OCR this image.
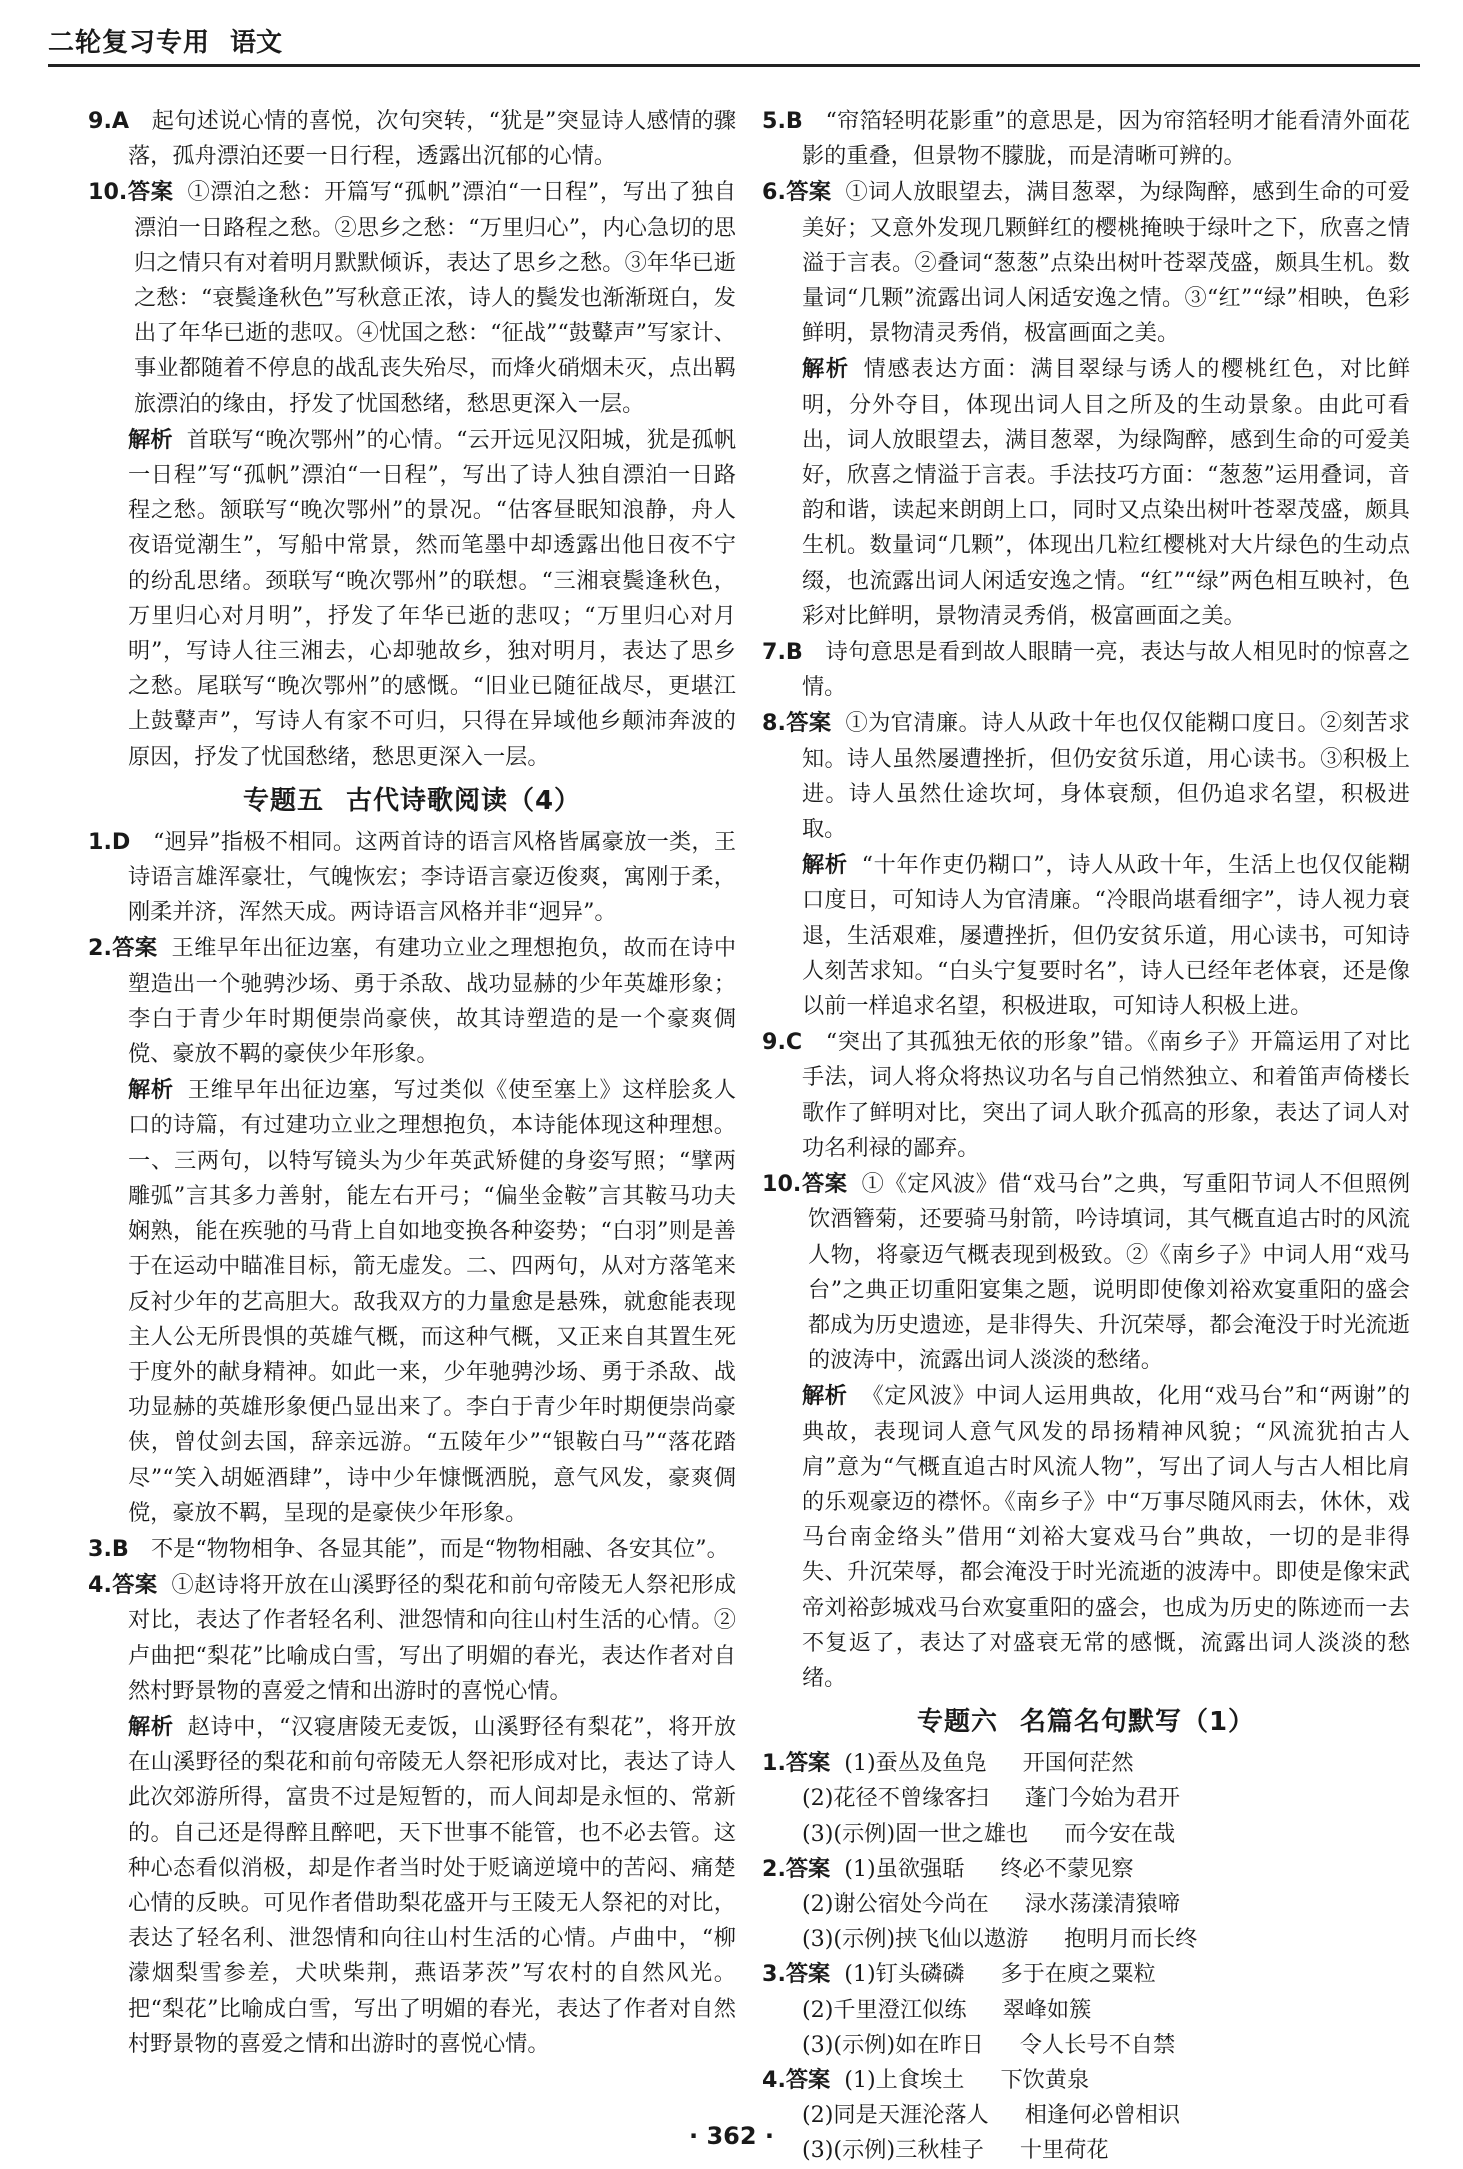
二轮复习专用 语文
9.A　 起句述说心情的喜悦，次句突转，“犹是”突显诗人感情的骤落，孤舟漂泊还要一日行程，透露出沉郁的心情。
10.答案 ①漂泊之愁：开篇写“孤帆”漂泊“一日程”，写出了独自漂泊一日路程之愁。②思乡之愁：“万里归心”，内心急切的思归之情只有对着明月默默倾诉，表达了思乡之愁。③年华已逝之愁：“衰鬓逢秋色”写秋意正浓，诗人的鬓发也渐渐斑白，发出了年华已逝的悲叹。④忧国之愁：“征战”“鼓鼙声”写家计、事业都随着不停息的战乱丧失殆尽，而烽火硝烟未灭，点出羁旅漂泊的缘由，抒发了忧国愁绪，愁思更深入一层。
解析 首联写“晚次鄂州”的心情。“云开远见汉阳城，犹是孤帆一日程”写“孤帆”漂泊“一日程”，写出了诗人独自漂泊一日路程之愁。颔联写“晚次鄂州”的景况。“估客昼眠知浪静，舟人夜语觉潮生”，写船中常景，然而笔墨中却透露出他日夜不宁的纷乱思绪。颈联写“晚次鄂州”的联想。“三湘衰鬓逢秋色，万里归心对月明”，抒发了年华已逝的悲叹；“万里归心对月明”，写诗人往三湘去，心却驰故乡，独对明月，表达了思乡之愁。尾联写“晚次鄂州”的感慨。“旧业已随征战尽，更堪江上鼓鼙声”，写诗人有家不可归，只得在异域他乡颠沛奔波的原因，抒发了忧国愁绪，愁思更深入一层。
专题五 古代诗歌阅读（4）
1.D　 “迥异”指极不相同。这两首诗的语言风格皆属豪放一类，王诗语言雄浑豪壮，气魄恢宏；李诗语言豪迈俊爽，寓刚于柔，刚柔并济，浑然天成。两诗语言风格并非“迥异”。
2.答案 王维早年出征边塞，有建功立业之理想抱负，故而在诗中塑造出一个驰骋沙场、勇于杀敌、战功显赫的少年英雄形象；李白于青少年时期便崇尚豪侠，故其诗塑造的是一个豪爽倜傥、豪放不羁的豪侠少年形象。
解析 王维早年出征边塞，写过类似《使至塞上》这样脍炙人口的诗篇，有过建功立业之理想抱负，本诗能体现这种理想。一、三两句，以特写镜头为少年英武矫健的身姿写照；“擘两雕弧”言其多力善射，能左右开弓；“偏坐金鞍”言其鞍马功夫娴熟，能在疾驰的马背上自如地变换各种姿势；“白羽”则是善于在运动中瞄准目标，箭无虚发。二、四两句，从对方落笔来反衬少年的艺高胆大。敌我双方的力量愈是悬殊，就愈能表现主人公无所畏惧的英雄气概，而这种气概，又正来自其置生死于度外的献身精神。如此一来，少年驰骋沙场、勇于杀敌、战功显赫的英雄形象便凸显出来了。李白于青少年时期便崇尚豪侠，曾仗剑去国，辞亲远游。“五陵年少”“银鞍白马”“落花踏尽”“笑入胡姬酒肆”，诗中少年慷慨洒脱，意气风发，豪爽倜傥，豪放不羁，呈现的是豪侠少年形象。
3.B　 不是“物物相争、各显其能”，而是“物物相融、各安其位”。
4.答案 ①赵诗将开放在山溪野径的梨花和前句帝陵无人祭祀形成对比，表达了作者轻名利、泄怨情和向往山村生活的心情。②卢曲把“梨花”比喻成白雪，写出了明媚的春光，表达作者对自然村野景物的喜爱之情和出游时的喜悦心情。
解析 赵诗中，“汉寝唐陵无麦饭，山溪野径有梨花”，将开放在山溪野径的梨花和前句帝陵无人祭祀形成对比，表达了诗人此次郊游所得，富贵不过是短暂的，而人间却是永恒的、常新的。自己还是得醉且醉吧，天下世事不能管，也不必去管。这种心态看似消极，却是作者当时处于贬谪逆境中的苦闷、痛楚心情的反映。可见作者借助梨花盛开与王陵无人祭祀的对比，表达了轻名利、泄怨情和向往山村生活的心情。卢曲中，“柳濛烟梨雪参差，犬吠柴荆，燕语茅茨”写农村的自然风光。把“梨花”比喻成白雪，写出了明媚的春光，表达了作者对自然村野景物的喜爱之情和出游时的喜悦心情。
5.B　 “帘箔轻明花影重”的意思是，因为帘箔轻明才能看清外面花影的重叠，但景物不朦胧，而是清晰可辨的。
6.答案 ①词人放眼望去，满目葱翠，为绿陶醉，感到生命的可爱美好；又意外发现几颗鲜红的樱桃掩映于绿叶之下，欣喜之情溢于言表。②叠词“葱葱”点染出树叶苍翠茂盛，颇具生机。数量词“几颗”流露出词人闲适安逸之情。③“红”“绿”相映，色彩鲜明，景物清灵秀俏，极富画面之美。
解析 情感表达方面：满目翠绿与诱人的樱桃红色，对比鲜明，分外夺目，体现出词人目之所及的生动景象。由此可看出，词人放眼望去，满目葱翠，为绿陶醉，感到生命的可爱美好，欣喜之情溢于言表。手法技巧方面：“葱葱”运用叠词，音韵和谐，读起来朗朗上口，同时又点染出树叶苍翠茂盛，颇具生机。数量词“几颗”，体现出几粒红樱桃对大片绿色的生动点缀，也流露出词人闲适安逸之情。“红”“绿”两色相互映衬，色彩对比鲜明，景物清灵秀俏，极富画面之美。
7.B　 诗句意思是看到故人眼睛一亮，表达与故人相见时的惊喜之情。
8.答案 ①为官清廉。诗人从政十年也仅仅能糊口度日。②刻苦求知。诗人虽然屡遭挫折，但仍安贫乐道，用心读书。③积极上进。诗人虽然仕途坎坷，身体衰颓，但仍追求名望，积极进取。
解析 “十年作吏仍糊口”，诗人从政十年，生活上也仅仅能糊口度日，可知诗人为官清廉。“冷眼尚堪看细字”，诗人视力衰退，生活艰难，屡遭挫折，但仍安贫乐道，用心读书，可知诗人刻苦求知。“白头宁复要时名”，诗人已经年老体衰，还是像以前一样追求名望，积极进取，可知诗人积极上进。
9.C　 “突出了其孤独无依的形象”错。《南乡子》开篇运用了对比手法，词人将众将热议功名与自己悄然独立、和着笛声倚楼长歌作了鲜明对比，突出了词人耿介孤高的形象，表达了词人对功名利禄的鄙弃。
10.答案 ①《定风波》借“戏马台”之典，写重阳节词人不但照例饮酒簪菊，还要骑马射箭，吟诗填词，其气概直追古时的风流人物，将豪迈气概表现到极致。②《南乡子》中词人用“戏马台”之典正切重阳宴集之题，说明即使像刘裕欢宴重阳的盛会都成为历史遗迹，是非得失、升沉荣辱，都会淹没于时光流逝的波涛中，流露出词人淡淡的愁绪。
解析 《定风波》中词人运用典故，化用“戏马台”和“两谢”的典故，表现词人意气风发的昂扬精神风貌；“风流犹拍古人肩”意为“气概直追古时风流人物”，写出了词人与古人相比肩的乐观豪迈的襟怀。《南乡子》中“万事尽随风雨去，休休，戏马台南金络头”借用“刘裕大宴戏马台”典故，一切的是非得失、升沉荣辱，都会淹没于时光流逝的波涛中。即使是像宋武帝刘裕彭城戏马台欢宴重阳的盛会，也成为历史的陈迹而一去不复返了，表达了对盛衰无常的感慨，流露出词人淡淡的愁绪。
专题六 名篇名句默写（1）
1.答案 (1)蚕丛及鱼凫 开国何茫然
(2)花径不曾缘客扫 蓬门今始为君开
(3)(示例)固一世之雄也 而今安在哉
2.答案 (1)虽欲强聒 终必不蒙见察
(2)谢公宿处今尚在 渌水荡漾清猿啼
(3)(示例)挟飞仙以遨游 抱明月而长终
3.答案 (1)钉头磷磷 多于在庾之粟粒
(2)千里澄江似练 翠峰如簇
(3)(示例)如在昨日 令人长号不自禁
4.答案 (1)上食埃土 下饮黄泉
(2)同是天涯沦落人 相逢何必曾相识
(3)(示例)三秋桂子 十里荷花
· 362 ·
